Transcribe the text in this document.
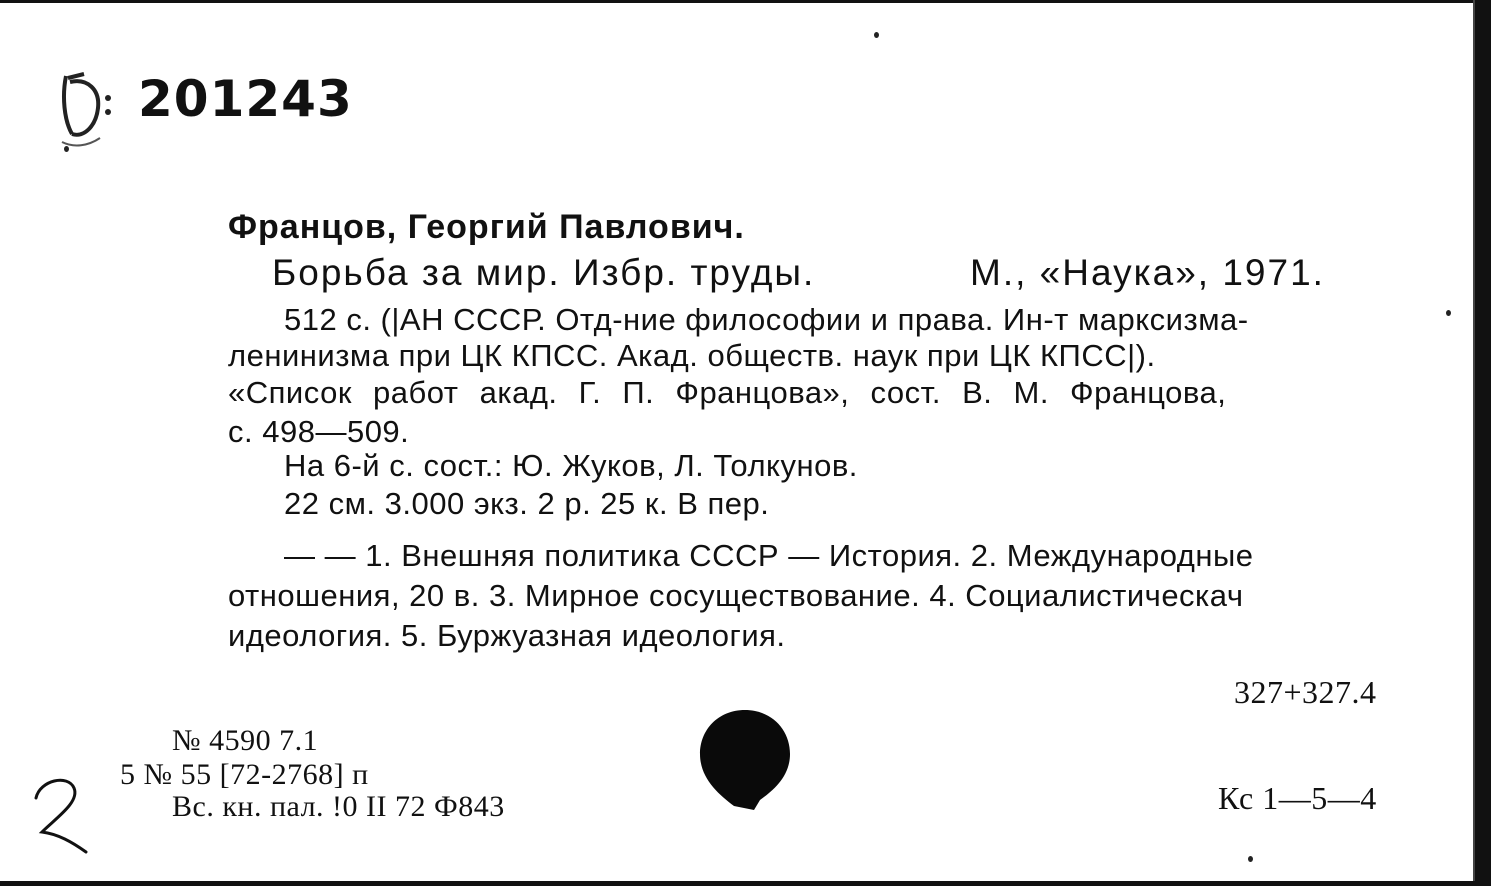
201243
Францов, Георгий Павлович.
Борьба за мир. Избр. труды.	М., «Наука», 1971.
512 с. (|АН СССР. Отд-ние философии и права. Ин-т марксизма-
ленинизма при ЦК КПСС. Акад. обществ. наук при ЦК КПСС|).
«Список работ акад. Г. П. Францова», сост. В. М. Францова,
с. 498—509.
На 6-й с. сост.: Ю. Жуков, Л. Толкунов.
22 см. 3.000 экз. 2 р. 25 к. В пер.
— — 1. Внешняя политика СССР — История. 2. Международные
отношения, 20 в. 3. Мирное сосуществование. 4. Социалистическач
идеология. 5. Буржуазная идеология.
327+327.4
№ 4590 7.1
5 № 55 [72-2768] п
Вс. кн. пал. !0 II 72 Ф843	Кс 1—5—4
